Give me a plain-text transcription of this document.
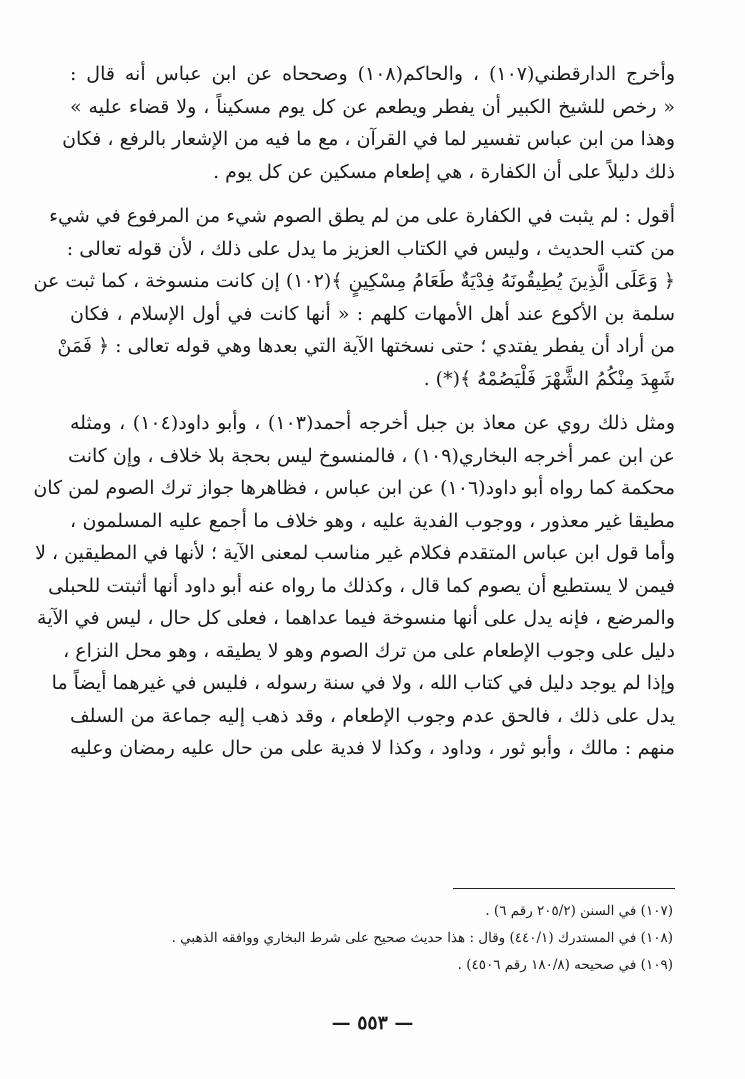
وأخرج الدارقطني(١٠٧) ، والحاكم(١٠٨) وصححاه عن ابن عباس أنه قال :
« رخص للشيخ الكبير أن يفطر ويطعم عن كل يوم مسكيناً ، ولا قضاء عليه »
وهذا من ابن عباس تفسير لما في القرآن ، مع ما فيه من الإشعار بالرفع ، فكان
ذلك دليلاً على أن الكفارة ، هي إطعام مسكين عن كل يوم .

أقول : لم يثبت في الكفارة على من لم يطق الصوم شيء من المرفوع في شيء
من كتب الحديث ، وليس في الكتاب العزيز ما يدل على ذلك ، لأن قوله تعالى :
﴿ وَعَلَى الَّذِينَ يُطِيقُونَهُ فِدْيَةٌ طَعَامُ مِسْكِينٍ ﴾(١٠٢) إن كانت منسوخة ، كما ثبت عن
سلمة بن الأكوع عند أهل الأمهات كلهم : « أنها كانت في أول الإسلام ، فكان
من أراد أن يفطر يفتدي ؛ حتى نسختها الآية التي بعدها وهي قوله تعالى : ﴿ فَمَنْ
شَهِدَ مِنْكُمُ الشَّهْرَ فَلْيَصُمْهُ ﴾(*) .

ومثل ذلك روي عن معاذ بن جبل أخرجه أحمد(١٠٣) ، وأبو داود(١٠٤) ، ومثله
عن ابن عمر أخرجه البخاري(١٠٩) ، فالمنسوخ ليس بحجة بلا خلاف ، وإن كانت
محكمة كما رواه أبو داود(١٠٦) عن ابن عباس ، فظاهرها جواز ترك الصوم لمن كان
مطيقا غير معذور ، ووجوب الفدية عليه ، وهو خلاف ما أجمع عليه المسلمون ،
وأما قول ابن عباس المتقدم فكلام غير مناسب لمعنى الآية ؛ لأنها في المطيقين ، لا
فيمن لا يستطيع أن يصوم كما قال ، وكذلك ما رواه عنه أبو داود أنها أثبتت للحبلى
والمرضع ، فإنه يدل على أنها منسوخة فيما عداهما ، فعلى كل حال ، ليس في الآية
دليل على وجوب الإطعام على من ترك الصوم وهو لا يطيقه ، وهو محل النزاع ،
وإذا لم يوجد دليل في كتاب الله ، ولا في سنة رسوله ، فليس في غيرهما أيضاً ما
يدل على ذلك ، فالحق عدم وجوب الإطعام ، وقد ذهب إليه جماعة من السلف
منهم : مالك ، وأبو ثور ، وداود ، وكذا لا فدية على من حال عليه رمضان وعليه

(١٠٧) في السنن (٢٠٥/٢ رقم ٦) .
(١٠٨) في المستدرك (٤٤٠/١) وقال : هذا حديث صحيح على شرط البخاري ووافقه الذهبي .
(١٠٩) في صحيحه (١٨٠/٨ رقم ٤٥٠٦) .
— ٥٥٣ —
